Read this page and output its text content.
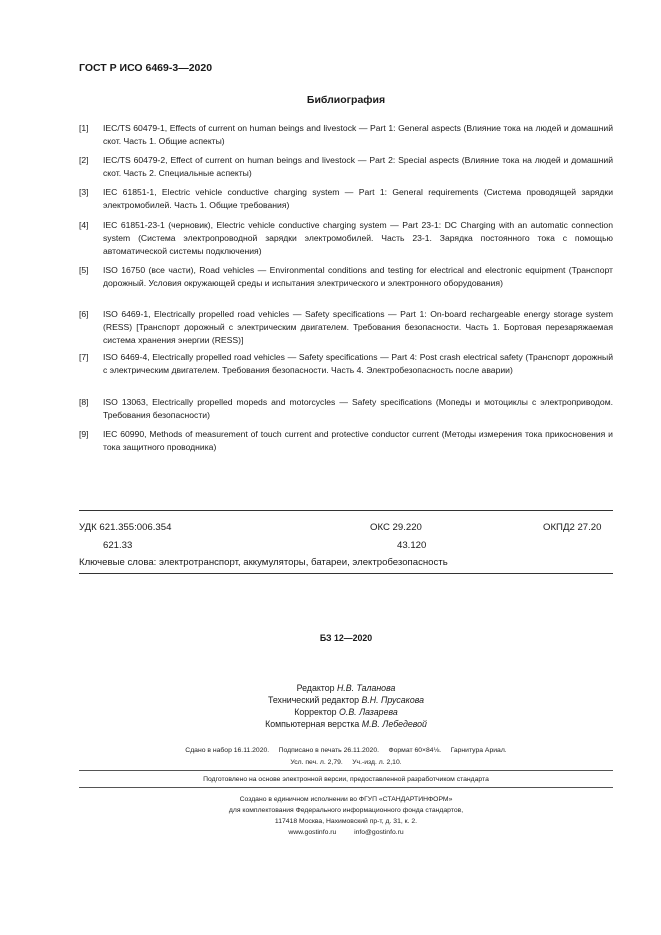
ГОСТ Р ИСО 6469-3—2020
Библиография
[1] IEC/TS 60479-1, Effects of current on human beings and livestock — Part 1: General aspects (Влияние тока на людей и домашний скот. Часть 1. Общие аспекты)
[2] IEC/TS 60479-2, Effect of current on human beings and livestock — Part 2: Special aspects (Влияние тока на людей и домашний скот. Часть 2. Специальные аспекты)
[3] IEC 61851-1, Electric vehicle conductive charging system — Part 1: General requirements (Система проводящей зарядки электромобилей. Часть 1. Общие требования)
[4] IEC 61851-23-1 (черновик), Electric vehicle conductive charging system — Part 23-1: DC Charging with an automatic connection system (Система электропроводной зарядки электромобилей. Часть 23-1. Зарядка постоянного тока с помощью автоматической системы подключения)
[5] ISO 16750 (все части), Road vehicles — Environmental conditions and testing for electrical and electronic equipment (Транспорт дорожный. Условия окружающей среды и испытания электрического и электронного оборудования)
[6] ISO 6469-1, Electrically propelled road vehicles — Safety specifications — Part 1: On-board rechargeable energy storage system (RESS) [Транспорт дорожный с электрическим двигателем. Требования безопасности. Часть 1. Бортовая перезаряжаемая система хранения энергии (RESS)]
[7] ISO 6469-4, Electrically propelled road vehicles — Safety specifications — Part 4: Post crash electrical safety (Транспорт дорожный с электрическим двигателем. Требования безопасности. Часть 4. Электробезопасность после аварии)
[8] ISO 13063, Electrically propelled mopeds and motorcycles — Safety specifications (Мопеды и мотоциклы с электроприводом. Требования безопасности)
[9] IEC 60990, Methods of measurement of touch current and protective conductor current (Методы измерения тока прикосновения и тока защитного проводника)
УДК 621.355:006.354
621.33
ОКС 29.220
43.120
ОКПД2 27.20
Ключевые слова: электротранспорт, аккумуляторы, батареи, электробезопасность
БЗ 12—2020
Редактор Н.В. Таланова
Технический редактор В.Н. Прусакова
Корректор О.В. Лазарева
Компьютерная верстка М.В. Лебедевой
Сдано в набор 16.11.2020.     Подписано в печать 26.11.2020.     Формат 60×84⅛.     Гарнитура Ариал.
Усл. печ. л. 2,79.     Уч.-изд. л. 2,10.
Подготовлено на основе электронной версии, предоставленной разработчиком стандарта
Создано в единичном исполнении во ФГУП «СТАНДАРТИНФОРМ»
для комплектования Федерального информационного фонда стандартов,
117418 Москва, Нахимовский пр-т, д. 31, к. 2.
www.gostinfo.ru	info@gostinfo.ru
